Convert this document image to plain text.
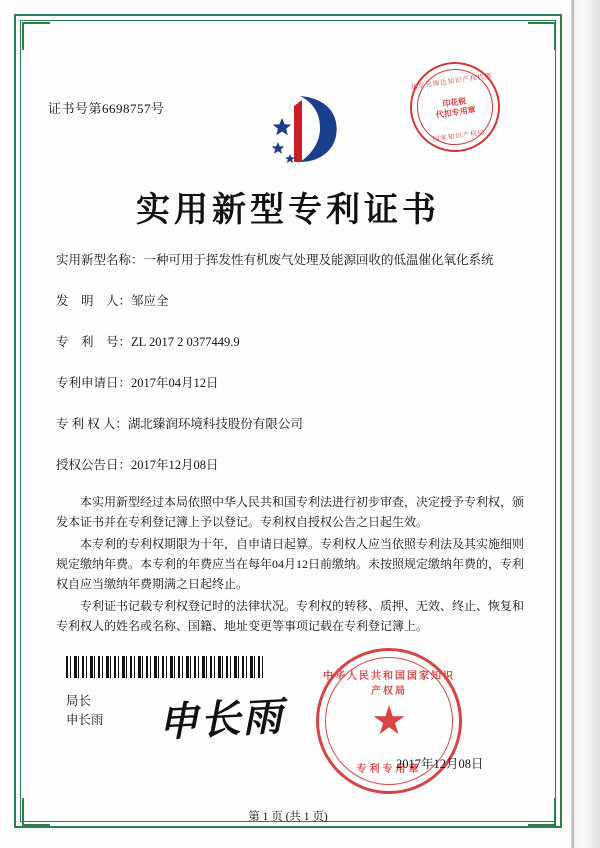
证书号第6698757号
北京元瑞达知识产权代理
印花税
代扣专用章
国家知识产权局
实用新型专利证书
实用新型名称：一种可用于挥发性有机废气处理及能源回收的低温催化氧化系统
发　明　人：邹应全
专　利　号：ZL 2017 2 0377449.9
专利申请日：2017年04月12日
专 利 权 人：湖北臻润环境科技股份有限公司
授权公告日：2017年12月08日

本实用新型经过本局依照中华人民共和国专利法进行初步审查，决定授予专利权，颁发本证书并在专利登记簿上予以登记。专利权自授权公告之日起生效。

本专利的专利权期限为十年，自申请日起算。专利权人应当依照专利法及其实施细则规定缴纳年费。本专利的年费应当在每年04月12日前缴纳。未按照规定缴纳年费的，专利权自应当缴纳年费期满之日起终止。

专利证书记载专利权登记时的法律状况。专利权的转移、质押、无效、终止、恢复和专利权人的姓名或名称、国籍、地址变更等事项记载在专利登记簿上。

局长
申长雨 申长雨
中华人民共和国国家知识产权局
★
专利专用章
2017年12月08日
第 1 页 (共 1 页)
